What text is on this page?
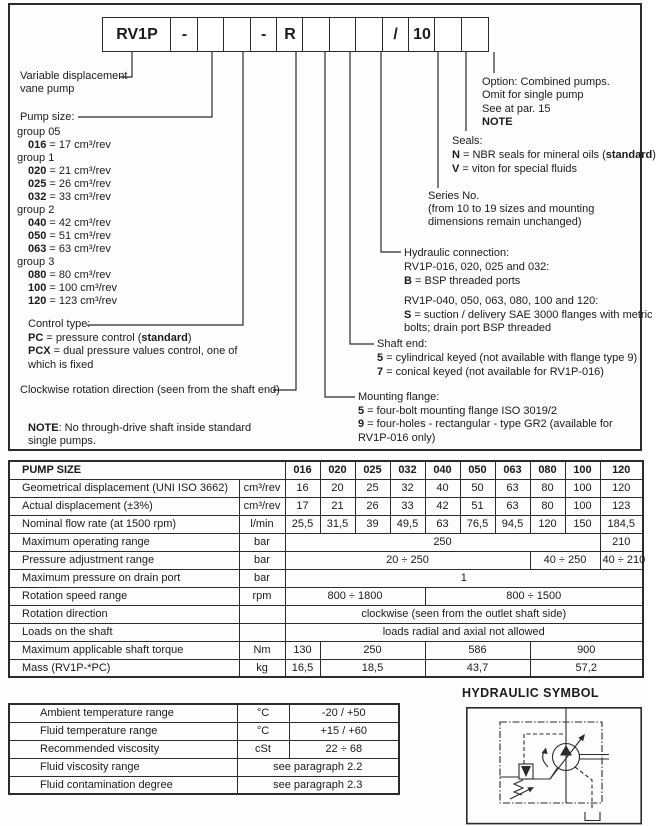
RV1P	-	-	R	/ 10
Variable displacement
vane pump
Pump size:
group 05
016 = 17 cm³/rev
group 1
020 = 21 cm³/rev
025 = 26 cm³/rev
032 = 33 cm³/rev
group 2
040 = 42 cm³/rev
050 = 51 cm³/rev
063 = 63 cm³/rev
group 3
080 = 80 cm³/rev
100 = 100 cm³/rev
120 = 123 cm³/rev
Control type:
PC = pressure control (standard)
PCX = dual pressure values control, one of
which is fixed
Clockwise rotation direction (seen from the shaft end)
NOTE: No through-drive shaft inside standard
single pumps.
Option: Combined pumps.
Omit for single pump
See at par. 15
NOTE
Seals:
N = NBR seals for mineral oils (standard)
V = viton for special fluids
Series No.
(from 10 to 19 sizes and mounting
dimensions remain unchanged)
Hydraulic connection:
RV1P-016, 020, 025 and 032:
B = BSP threaded ports
RV1P-040, 050, 063, 080, 100 and 120:
S = suction / delivery SAE 3000 flanges with metric
bolts; drain port BSP threaded
Shaft end:
5 = cylindrical keyed (not available with flange type 9)
7 = conical keyed (not available for RV1P-016)
Mounting flange:
5 = four-bolt mounting flange ISO 3019/2
9 = four-holes - rectangular - type GR2 (available for
RV1P-016 only)
PUMP SIZE		016	020	025	032	040	050	063	080	100	120
Geometrical displacement (UNI ISO 3662)	cm³/rev	16	20	25	32	40	50	63	80	100	120
Actual displacement (±3%)	cm³/rev	17	21	26	33	42	51	63	80	100	123
Nominal flow rate (at 1500 rpm)	l/min	25,5	31,5	39	49,5	63	76,5	94,5	120	150	184,5
Maximum operating range	bar	250									210
Pressure adjustment range	bar	20 ÷ 250							40 ÷ 250		40 ÷ 210
Maximum pressure on drain port	bar	1									
Rotation speed range	rpm	800 ÷ 1800				800 ÷ 1500					
Rotation direction		clockwise (seen from the outlet shaft side)									
Loads on the shaft		loads radial and axial not allowed									
Maximum applicable shaft torque	Nm	130	250			586			900		
Mass (RV1P-*PC)	kg	16,5	18,5			43,7			57,2		
Ambient temperature range	°C	-20 / +50
Fluid temperature range	°C	+15 / +60
Recommended viscosity	cSt	22 ÷ 68
Fluid viscosity range	see paragraph 2.2	
Fluid contamination degree	see paragraph 2.3	
HYDRAULIC SYMBOL
